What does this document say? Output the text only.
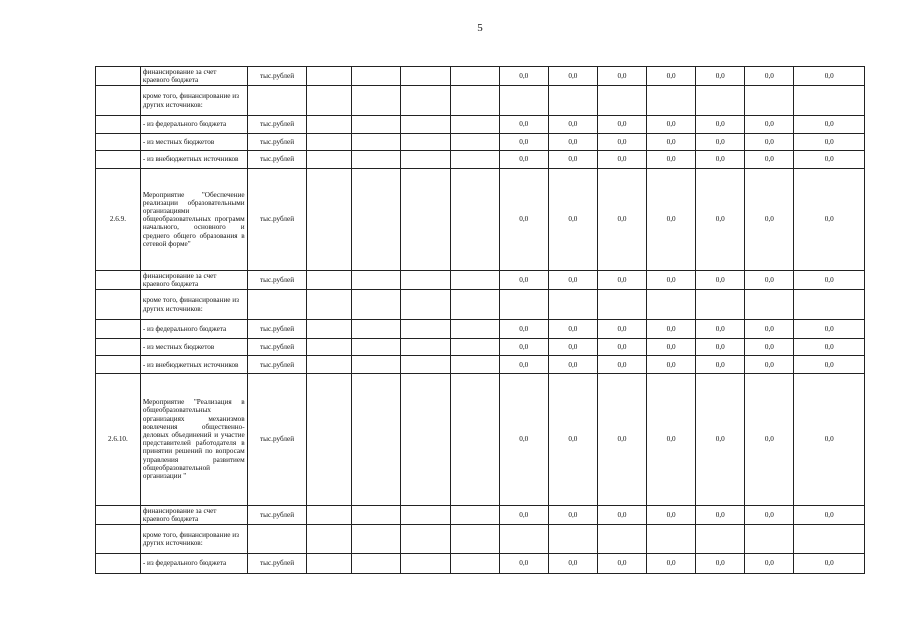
5
	финансирование за счет краевого бюджета	тыс.рублей					0,0	0,0	0,0	0,0	0,0	0,0	0,0
	кроме того, финансирование из других источников:												
	- из федерального бюджета	тыс.рублей					0,0	0,0	0,0	0,0	0,0	0,0	0,0
	- из местных бюджетов	тыс.рублей					0,0	0,0	0,0	0,0	0,0	0,0	0,0
	- из внебюджетных источников	тыс.рублей					0,0	0,0	0,0	0,0	0,0	0,0	0,0
2.6.9.	Мероприятие "Обеспечение реализации образовательными организациями общеобразовательных программ начального, основного и среднего общего образования в сетевой форме"	тыс.рублей					0,0	0,0	0,0	0,0	0,0	0,0	0,0
	финансирование за счет краевого бюджета	тыс.рублей					0,0	0,0	0,0	0,0	0,0	0,0	0,0
	кроме того, финансирование из других источников:												
	- из федерального бюджета	тыс.рублей					0,0	0,0	0,0	0,0	0,0	0,0	0,0
	- из местных бюджетов	тыс.рублей					0,0	0,0	0,0	0,0	0,0	0,0	0,0
	- из внебюджетных источников	тыс.рублей					0,0	0,0	0,0	0,0	0,0	0,0	0,0
2.6.10.	Мероприятие "Реализация в общеобразовательных организациях механизмов вовлечения общественно-деловых объединений и участие представителей работодателя в принятии решений по вопросам управления развитием общеобразовательной организации "	тыс.рублей					0,0	0,0	0,0	0,0	0,0	0,0	0,0
	финансирование за счет краевого бюджета	тыс.рублей					0,0	0,0	0,0	0,0	0,0	0,0	0,0
	кроме того, финансирование из других источников:												
	- из федерального бюджета	тыс.рублей					0,0	0,0	0,0	0,0	0,0	0,0	0,0
